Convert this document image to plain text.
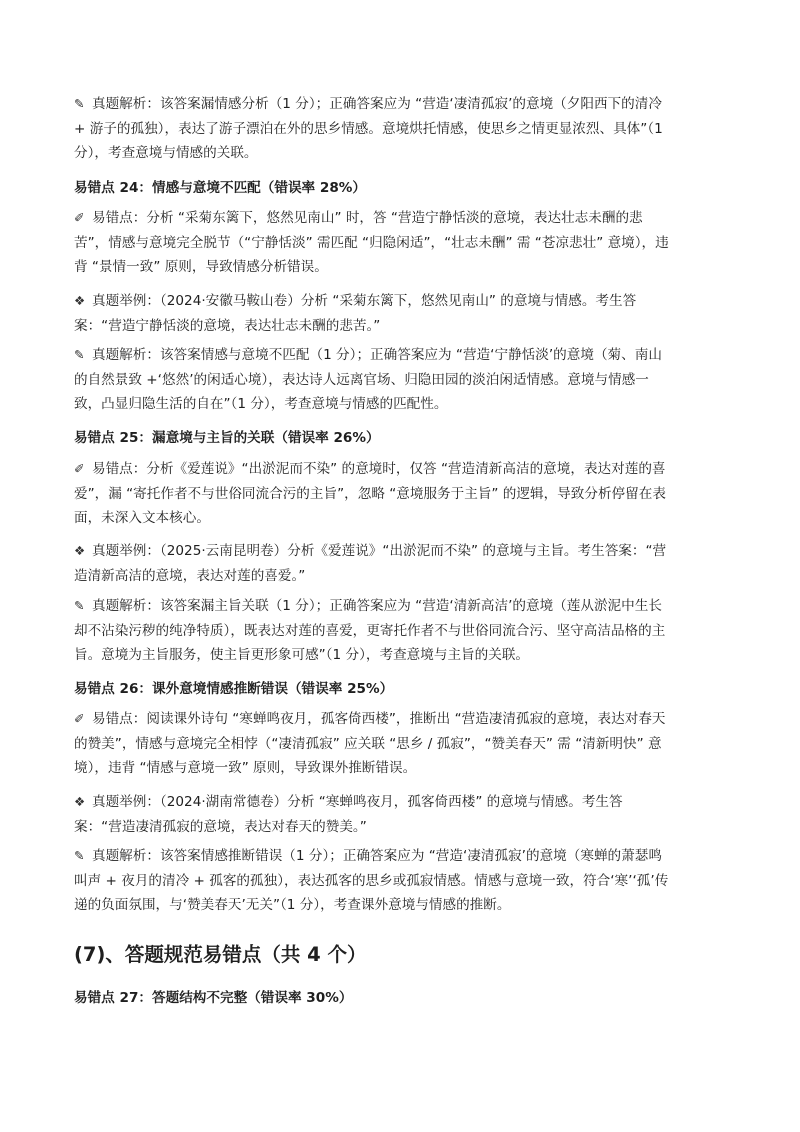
✎ 真题解析：该答案漏情感分析（1 分）；正确答案应为 “营造‘凄清孤寂’的意境（夕阳西下的清冷

+ 游子的孤独），表达了游子漂泊在外的思乡情感。意境烘托情感，使思乡之情更显浓烈、具体”（1

分），考查意境与情感的关联。

易错点 24：情感与意境不匹配（错误率 28%）

✐ 易错点：分析 “采菊东篱下，悠然见南山” 时，答 “营造宁静恬淡的意境，表达壮志未酬的悲

苦”，情感与意境完全脱节（“宁静恬淡” 需匹配 “归隐闲适”，“壮志未酬” 需 “苍凉悲壮” 意境），违

背 “景情一致” 原则，导致情感分析错误。

❖ 真题举例：（2024·安徽马鞍山卷）分析 “采菊东篱下，悠然见南山” 的意境与情感。考生答

案：“营造宁静恬淡的意境，表达壮志未酬的悲苦。”

✎ 真题解析：该答案情感与意境不匹配（1 分）；正确答案应为 “营造‘宁静恬淡’的意境（菊、南山

的自然景致 +‘悠然’的闲适心境），表达诗人远离官场、归隐田园的淡泊闲适情感。意境与情感一

致，凸显归隐生活的自在”（1 分），考查意境与情感的匹配性。

易错点 25：漏意境与主旨的关联（错误率 26%）

✐ 易错点：分析《爱莲说》“出淤泥而不染” 的意境时，仅答 “营造清新高洁的意境，表达对莲的喜

爱”，漏 “寄托作者不与世俗同流合污的主旨”，忽略 “意境服务于主旨” 的逻辑，导致分析停留在表

面，未深入文本核心。

❖ 真题举例：（2025·云南昆明卷）分析《爱莲说》“出淤泥而不染” 的意境与主旨。考生答案：“营

造清新高洁的意境，表达对莲的喜爱。”

✎ 真题解析：该答案漏主旨关联（1 分）；正确答案应为 “营造‘清新高洁’的意境（莲从淤泥中生长

却不沾染污秽的纯净特质），既表达对莲的喜爱，更寄托作者不与世俗同流合污、坚守高洁品格的主

旨。意境为主旨服务，使主旨更形象可感”（1 分），考查意境与主旨的关联。

易错点 26：课外意境情感推断错误（错误率 25%）

✐ 易错点：阅读课外诗句 “寒蝉鸣夜月，孤客倚西楼”，推断出 “营造凄清孤寂的意境，表达对春天

的赞美”，情感与意境完全相悖（“凄清孤寂” 应关联 “思乡 / 孤寂”，“赞美春天” 需 “清新明快” 意

境），违背 “情感与意境一致” 原则，导致课外推断错误。

❖ 真题举例：（2024·湖南常德卷）分析 “寒蝉鸣夜月，孤客倚西楼” 的意境与情感。考生答

案：“营造凄清孤寂的意境，表达对春天的赞美。”

✎ 真题解析：该答案情感推断错误（1 分）；正确答案应为 “营造‘凄清孤寂’的意境（寒蝉的萧瑟鸣

叫声 + 夜月的清冷 + 孤客的孤独），表达孤客的思乡或孤寂情感。情感与意境一致，符合‘寒’‘孤’传

递的负面氛围，与‘赞美春天’无关”（1 分），考查课外意境与情感的推断。

(7)、答题规范易错点（共 4 个）

易错点 27：答题结构不完整（错误率 30%）
